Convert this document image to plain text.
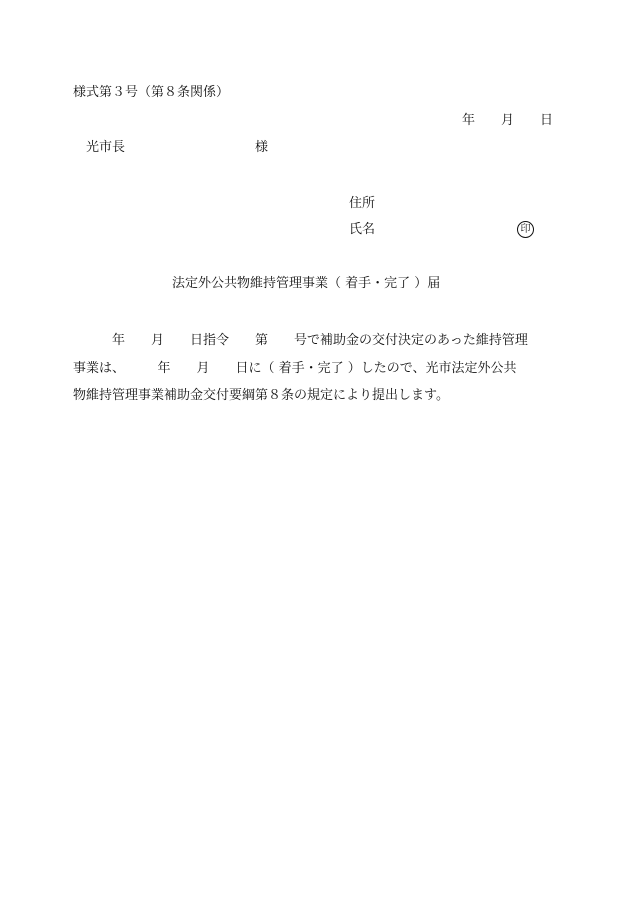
様式第３号（第８条関係）
年　　月　　日
光市長　　　　　　　　　　様
住所
氏名	印
法定外公共物維持管理事業（ 着手・完了 ）届
　　　年　　月　　日指令　　第　　号で補助金の交付決定のあった維持管理
事業は、　　　年　　月　　日に（ 着手・完了 ）したので、光市法定外公共
物維持管理事業補助金交付要綱第８条の規定により提出します。
